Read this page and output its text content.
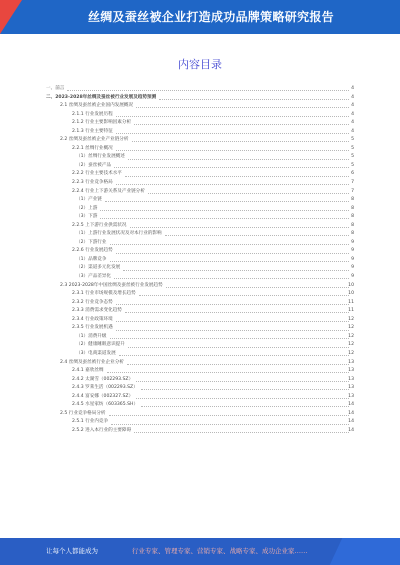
丝绸及蚕丝被企业打造成功品牌策略研究报告
内容目录
一、前言	4
二、2023-2028年丝绸及蚕丝被行业发展及趋势预测	4
2.1 丝绸及蚕丝被企业国内发展概况	4
2.1.1 行业发展历程	4
2.1.2 行业主要影响因素分析	4
2.1.3 行业主要特征	4
2.2 丝绸及蚕丝被企业产业链分析	5
2.2.1 丝绸行业概况	5
（1）丝绸行业发展概述	5
（2）蚕丝被产品	5
2.2.2 行业主要技术水平	6
2.2.3 行业竞争格局	7
2.2.4 行业上下游关系及产业链分析	7
（1）产业链	8
（2）上游	8
（3）下游	8
2.2.5 上下游行业供需状况	8
（1）上游行业发展状况及对本行业的影响	8
（2）下游行业	9
2.2.6 行业发展趋势	9
（1）品牌竞争	9
（2）渠道多元化发展	9
（3）产品差异化	9
2.3 2023-2028年中国丝绸及蚕丝被行业发展趋势	10
2.3.1 行业市场规模及增长趋势	10
2.3.2 行业竞争态势	11
2.3.3 消费需求变化趋势	11
2.3.4 行业政策环境	12
2.3.5 行业发展机遇	12
（1）消费升级	12
（2）健康睡眠意识提升	12
（3）电商渠道发展	12
2.4 丝绸及蚕丝被行业企业分析	13
2.4.1 嘉欣丝绸	13
2.4.2 太湖雪（002293.SZ）	13
2.4.3 罗莱生活（002293.SZ）	13
2.4.4 富安娜（002327.SZ）	13
2.4.5 水星家纺（603365.SH）	14
2.5 行业竞争格局分析	14
2.5.1 行业内竞争	14
2.5.2 进入本行业的主要障碍	14
让每个人都能成为	行业专家、管理专家、营销专家、战略专家、成功企业家……
